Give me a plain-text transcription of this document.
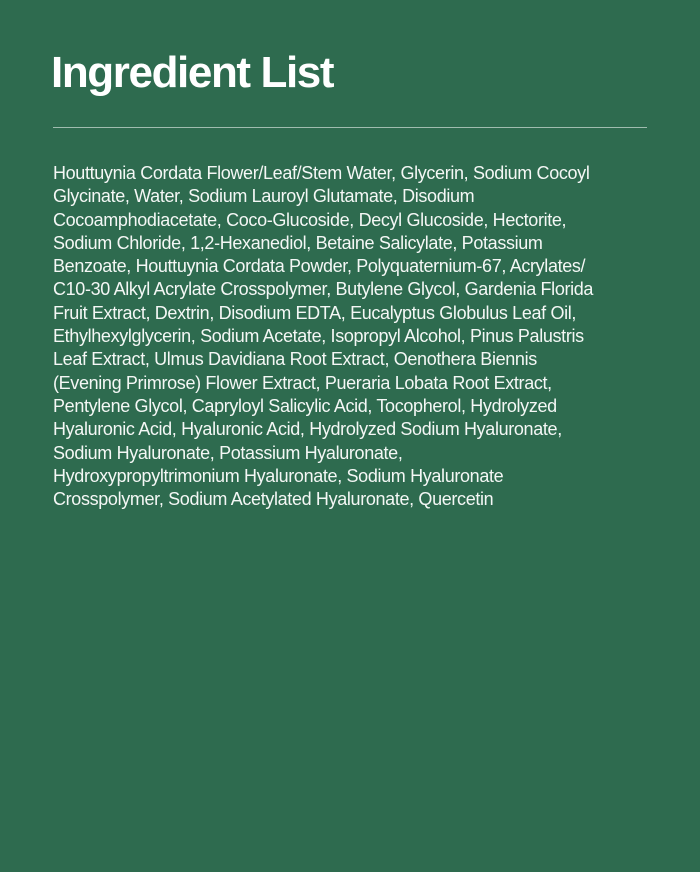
Ingredient List

Houttuynia Cordata Flower/Leaf/Stem Water, Glycerin, Sodium Cocoyl
Glycinate, Water, Sodium Lauroyl Glutamate, Disodium
Cocoamphodiacetate, Coco-Glucoside, Decyl Glucoside, Hectorite,
Sodium Chloride, 1,2-Hexanediol, Betaine Salicylate, Potassium
Benzoate, Houttuynia Cordata Powder, Polyquaternium-67, Acrylates/
C10-30 Alkyl Acrylate Crosspolymer, Butylene Glycol, Gardenia Florida
Fruit Extract, Dextrin, Disodium EDTA, Eucalyptus Globulus Leaf Oil,
Ethylhexylglycerin, Sodium Acetate, Isopropyl Alcohol, Pinus Palustris
Leaf Extract, Ulmus Davidiana Root Extract, Oenothera Biennis
(Evening Primrose) Flower Extract, Pueraria Lobata Root Extract,
Pentylene Glycol, Capryloyl Salicylic Acid, Tocopherol, Hydrolyzed
Hyaluronic Acid, Hyaluronic Acid, Hydrolyzed Sodium Hyaluronate,
Sodium Hyaluronate, Potassium Hyaluronate,
Hydroxypropyltrimonium Hyaluronate, Sodium Hyaluronate
Crosspolymer, Sodium Acetylated Hyaluronate, Quercetin
